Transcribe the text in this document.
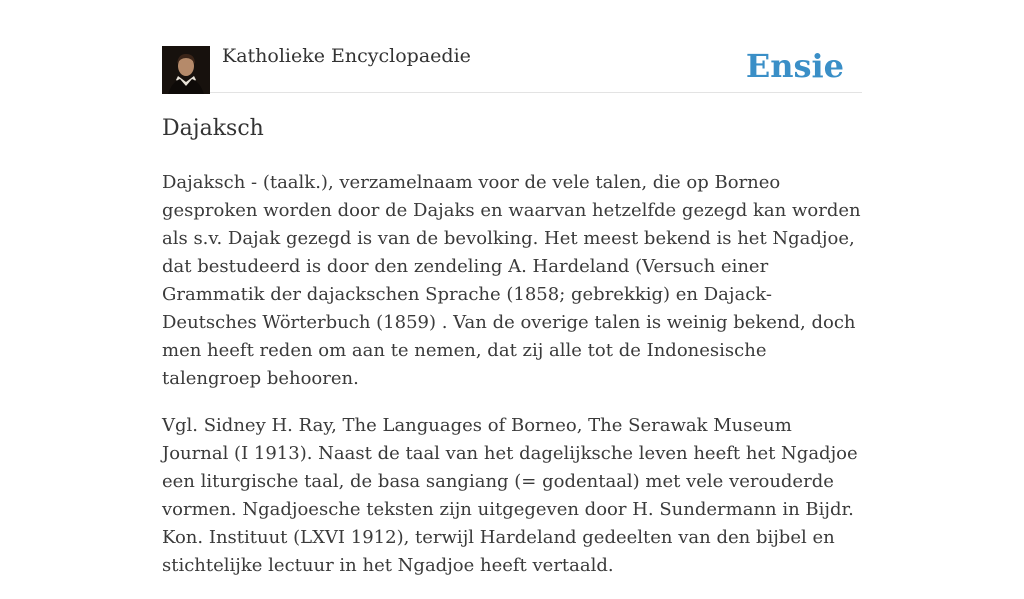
Katholieke Encyclopaedie	Ensie
Dajaksch

Dajaksch - (taalk.), verzamelnaam voor de vele talen, die op Borneo gesproken worden door de Dajaks en waarvan hetzelfde gezegd kan worden als s.v. Dajak gezegd is van de bevolking. Het meest bekend is het Ngadjoe, dat bestudeerd is door den zendeling A. Hardeland (Versuch einer Grammatik der dajackschen Sprache (1858; gebrekkig) en Dajack-Deutsches Wörterbuch (1859) . Van de overige talen is weinig bekend, doch men heeft reden om aan te nemen, dat zij alle tot de Indonesische talengroep behooren.

Vgl. Sidney H. Ray, The Languages of Borneo, The Serawak Museum Journal (I 1913). Naast de taal van het dagelijksche leven heeft het Ngadjoe een liturgische taal, de basa sangiang (= godentaal) met vele verouderde vormen. Ngadjoesche teksten zijn uitgegeven door H. Sundermann in Bijdr. Kon. Instituut (LXVI 1912), terwijl Hardeland gedeelten van den bijbel en stichtelijke lectuur in het Ngadjoe heeft vertaald.
